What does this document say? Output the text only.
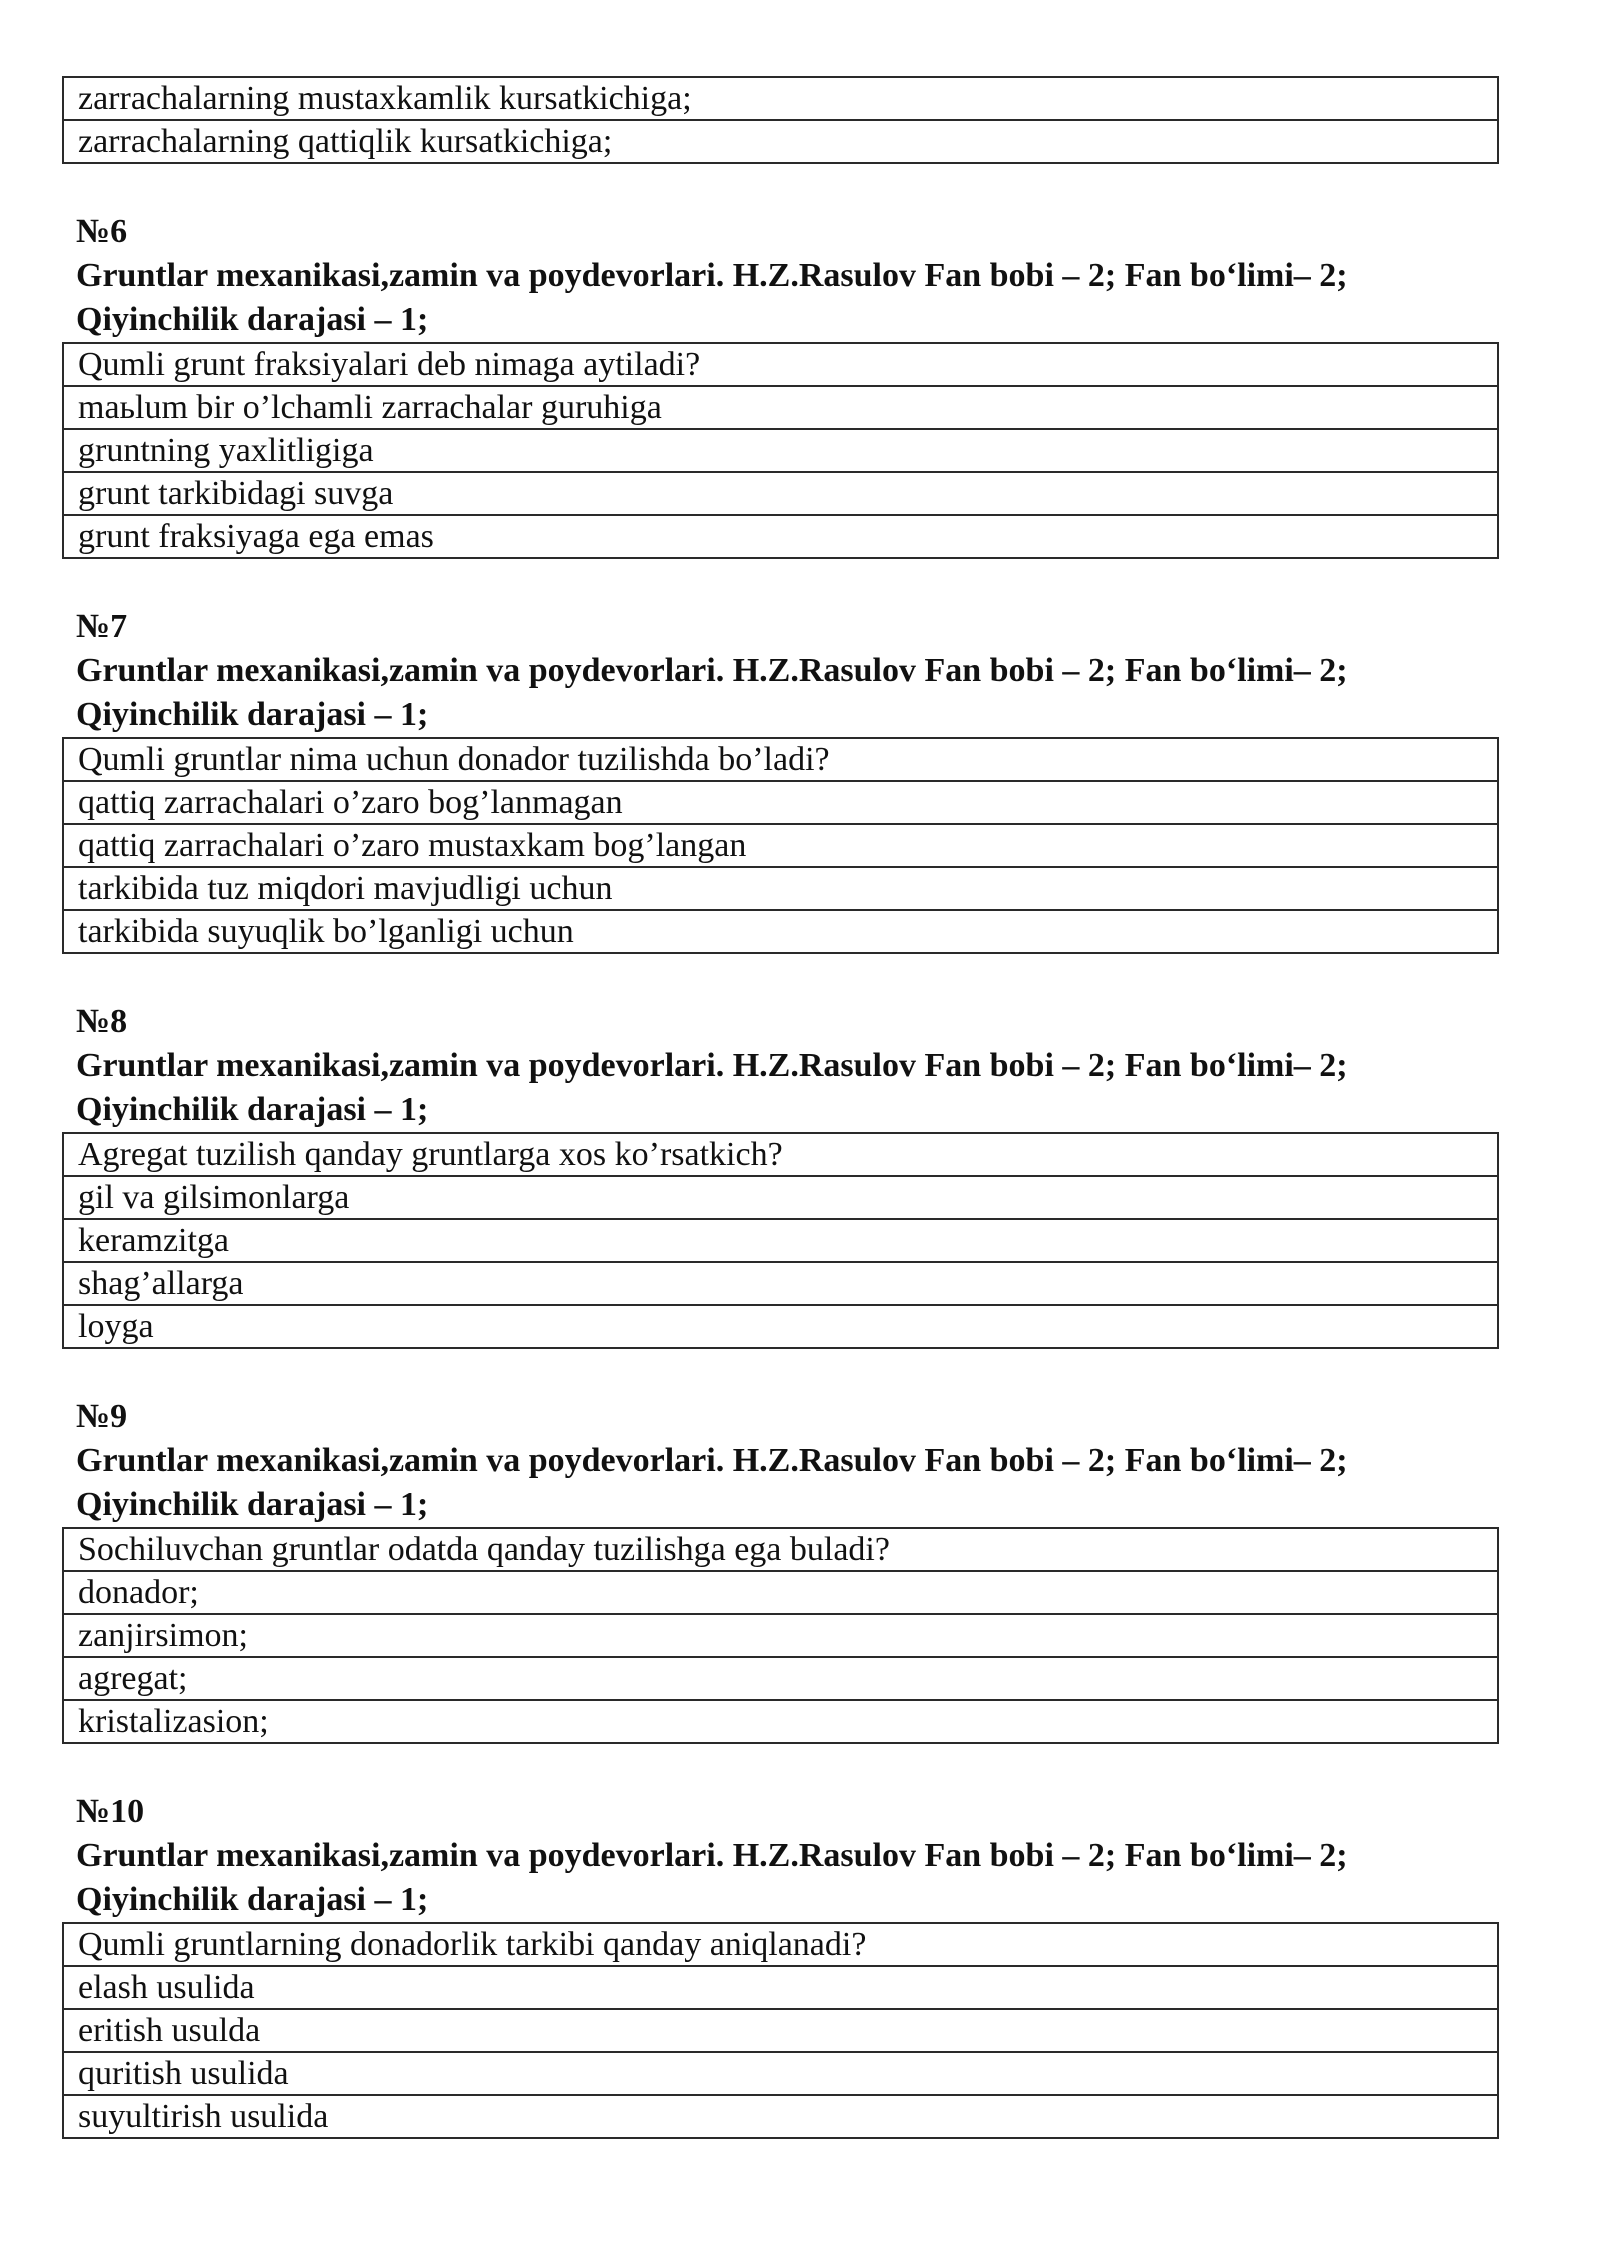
zarrachalarning mustaxkamlik kursatkichiga;
zarrachalarning qattiqlik kursatkichiga;
№6
Gruntlar mexanikasi,zamin va poydevorlari. H.Z.Rasulov Fan bobi – 2; Fan bo‘limi– 2;
Qiyinchilik darajasi – 1;
Qumli grunt fraksiyalari deb nimaga aytiladi?
maьlum bir o’lchamli zarrachalar guruhiga
gruntning yaxlitligiga
grunt tarkibidagi suvga
grunt fraksiyaga ega emas
№7
Gruntlar mexanikasi,zamin va poydevorlari. H.Z.Rasulov Fan bobi – 2; Fan bo‘limi– 2;
Qiyinchilik darajasi – 1;
Qumli gruntlar nima uchun donador tuzilishda bo’ladi?
qattiq zarrachalari o’zaro bog’lanmagan
qattiq zarrachalari o’zaro mustaxkam bog’langan
tarkibida tuz miqdori mavjudligi uchun
tarkibida suyuqlik bo’lganligi uchun
№8
Gruntlar mexanikasi,zamin va poydevorlari. H.Z.Rasulov Fan bobi – 2; Fan bo‘limi– 2;
Qiyinchilik darajasi – 1;
Agregat tuzilish qanday gruntlarga xos ko’rsatkich?
gil va gilsimonlarga
keramzitga
shag’allarga
loyga
№9
Gruntlar mexanikasi,zamin va poydevorlari. H.Z.Rasulov Fan bobi – 2; Fan bo‘limi– 2;
Qiyinchilik darajasi – 1;
Sochiluvchan gruntlar odatda qanday tuzilishga ega buladi?
donador;
zanjirsimon;
agregat;
kristalizasion;
№10
Gruntlar mexanikasi,zamin va poydevorlari. H.Z.Rasulov Fan bobi – 2; Fan bo‘limi– 2;
Qiyinchilik darajasi – 1;
Qumli gruntlarning donadorlik tarkibi qanday aniqlanadi?
elash usulida
eritish usulda
quritish usulida
suyultirish usulida
